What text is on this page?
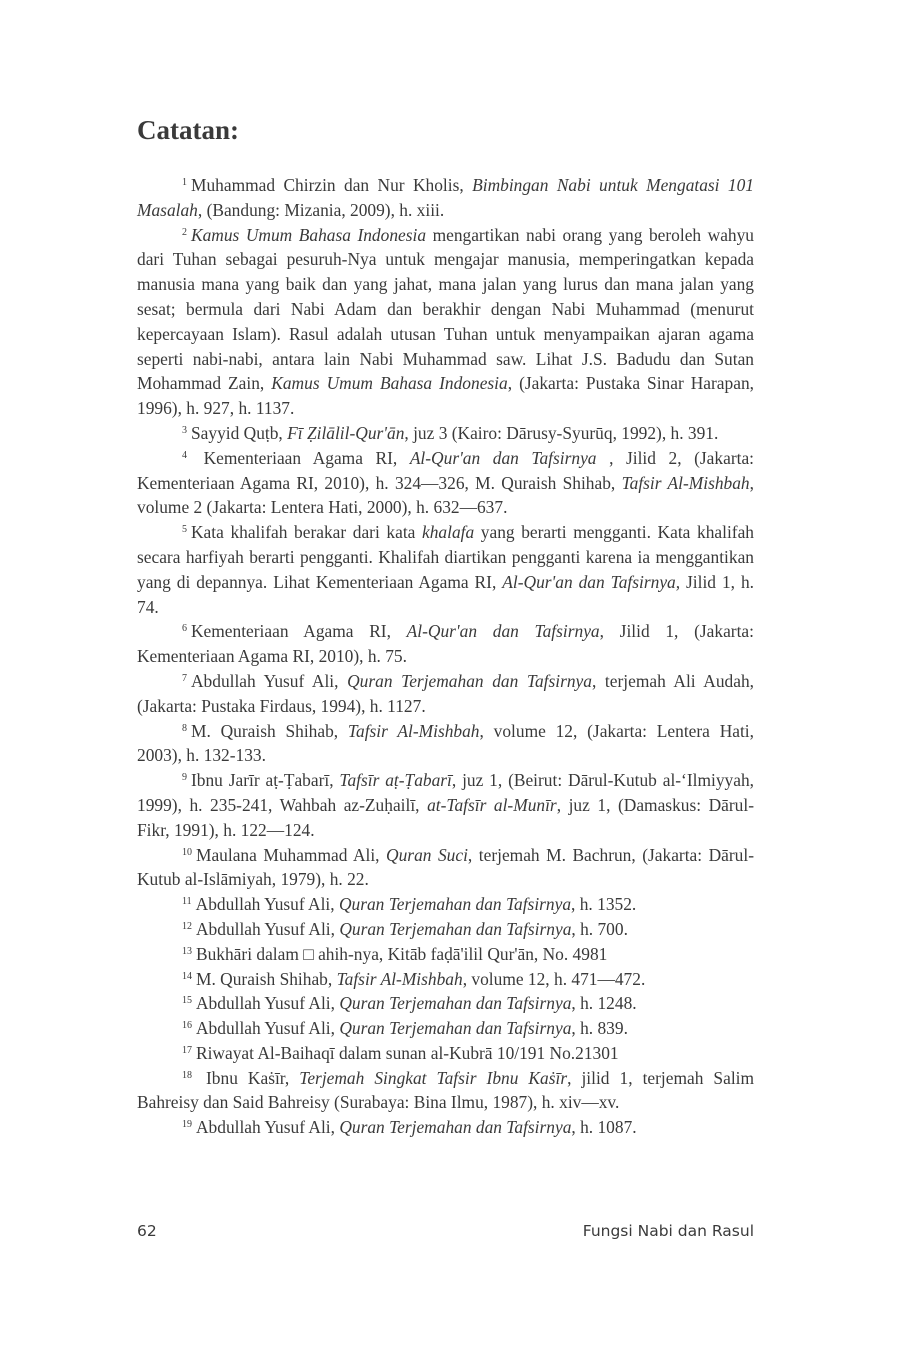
Catatan:

$^1$ Muhammad Chirzin dan Nur Kholis, Bimbingan Nabi untuk Mengatasi 101 Masalah, (Bandung: Mizania, 2009), h. xiii.

$^2$ Kamus Umum Bahasa Indonesia mengartikan nabi orang yang beroleh wahyu dari Tuhan sebagai pesuruh-Nya untuk mengajar manusia, memperingatkan kepada manusia mana yang baik dan yang jahat, mana jalan yang lurus dan mana jalan yang sesat; bermula dari Nabi Adam dan berakhir dengan Nabi Muhammad (menurut kepercayaan Islam). Rasul adalah utusan Tuhan untuk menyampaikan ajaran agama seperti nabi-nabi, antara lain Nabi Muhammad saw. Lihat J.S. Badudu dan Sutan Mohammad Zain, Kamus Umum Bahasa Indonesia, (Jakarta: Pustaka Sinar Harapan, 1996), h. 927, h. 1137.

$^3$ Sayyid Quṭb, Fī Ẓilālil-Qur'ān, juz 3 (Kairo: Dārusy-Syurūq, 1992), h. 391.

$^4$ Kementeriaan Agama RI, Al-Qur'an dan Tafsirnya , Jilid 2, (Jakarta: Kementeriaan Agama RI, 2010), h. 324—326, M. Quraish Shihab, Tafsir Al-Mishbah, volume 2 (Jakarta: Lentera Hati, 2000), h. 632—637.

$^5$ Kata khalifah berakar dari kata khalafa yang berarti mengganti. Kata khalifah secara harfiyah berarti pengganti. Khalifah diartikan pengganti karena ia menggantikan yang di depannya. Lihat Kementeriaan Agama RI, Al-Qur'an dan Tafsirnya, Jilid 1, h. 74.

$^6$ Kementeriaan Agama RI, Al-Qur'an dan Tafsirnya, Jilid 1, (Jakarta: Kementeriaan Agama RI, 2010), h. 75.

$^7$ Abdullah Yusuf Ali, Quran Terjemahan dan Tafsirnya, terjemah Ali Audah, (Jakarta: Pustaka Firdaus, 1994), h. 1127.

$^8$ M. Quraish Shihab, Tafsir Al-Mishbah, volume 12, (Jakarta: Lentera Hati, 2003), h. 132-133.

$^9$ Ibnu Jarīr aṭ-Ṭabarī, Tafsīr aṭ-Ṭabarī, juz 1, (Beirut: Dārul-Kutub al-‘Ilmiyyah, 1999), h. 235-241, Wahbah az-Zuḥailī, at-Tafsīr al-Munīr, juz 1, (Damaskus: Dārul-Fikr, 1991), h. 122—124.

$^{10}$ Maulana Muhammad Ali, Quran Suci, terjemah M. Bachrun, (Jakarta: Dārul-Kutub al-Islāmiyah, 1979), h. 22.

$^{11}$ Abdullah Yusuf Ali, Quran Terjemahan dan Tafsirnya, h. 1352.

$^{12}$ Abdullah Yusuf Ali, Quran Terjemahan dan Tafsirnya, h. 700.

$^{13}$ Bukhāri dalam □ ahih-nya, Kitāb faḍā'ilil Qur'ān, No. 4981

$^{14}$ M. Quraish Shihab, Tafsir Al-Mishbah, volume 12, h. 471—472.

$^{15}$ Abdullah Yusuf Ali, Quran Terjemahan dan Tafsirnya, h. 1248.

$^{16}$ Abdullah Yusuf Ali, Quran Terjemahan dan Tafsirnya, h. 839.

$^{17}$ Riwayat Al-Baihaqī dalam sunan al-Kubrā 10/191 No.21301

$^{18}$ Ibnu Kaṡīr, Terjemah Singkat Tafsir Ibnu Kaṡīr, jilid 1, terjemah Salim Bahreisy dan Said Bahreisy (Surabaya: Bina Ilmu, 1987), h. xiv—xv.

$^{19}$ Abdullah Yusuf Ali, Quran Terjemahan dan Tafsirnya, h. 1087.

62	Fungsi Nabi dan Rasul
